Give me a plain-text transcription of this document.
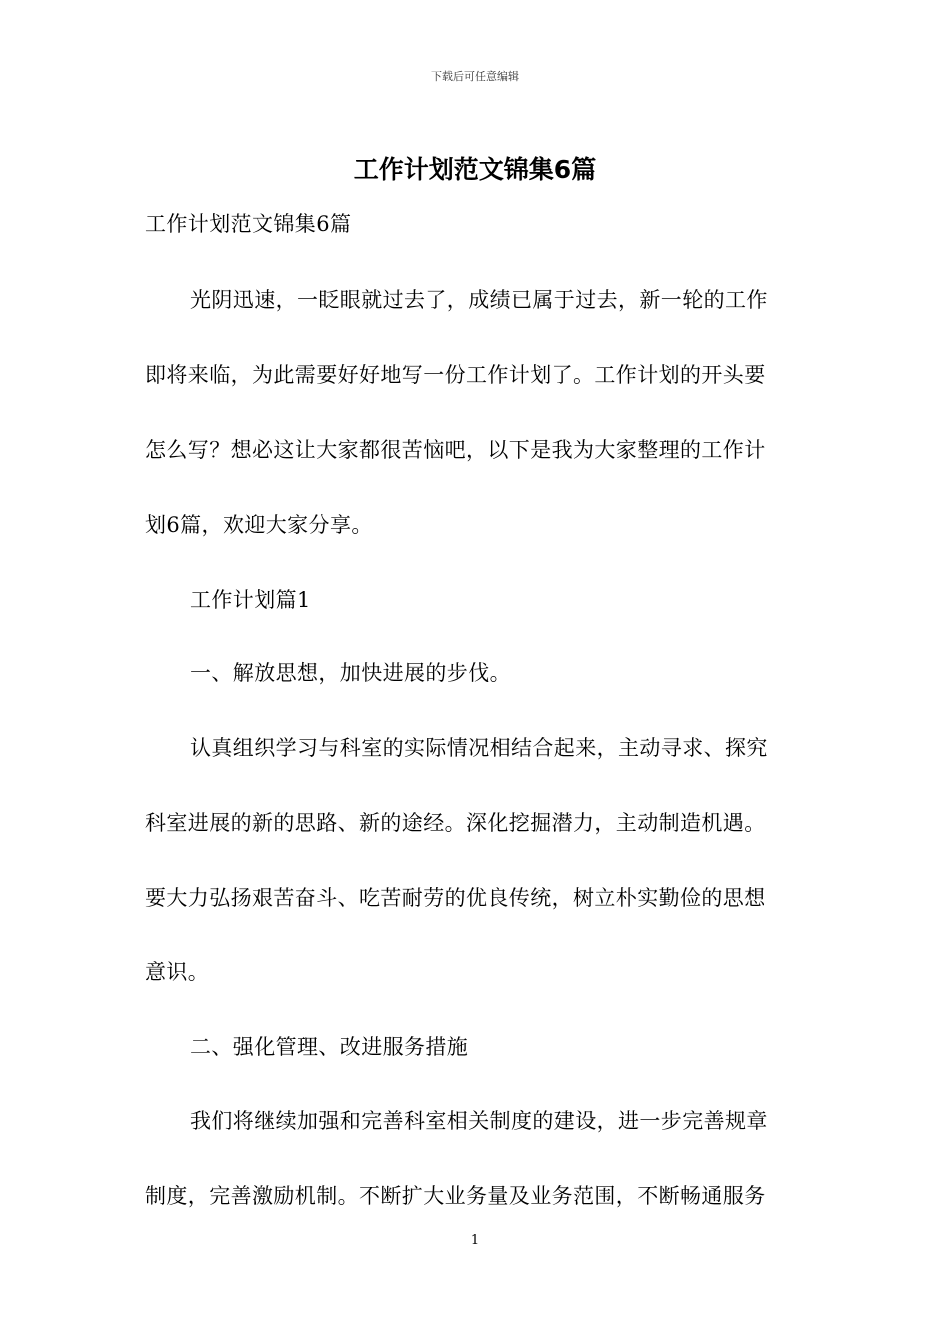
下载后可任意编辑
工作计划范文锦集6篇
工作计划范文锦集6篇
光阴迅速，一眨眼就过去了，成绩已属于过去，新一轮的工作
即将来临，为此需要好好地写一份工作计划了。工作计划的开头要
怎么写？想必这让大家都很苦恼吧，以下是我为大家整理的工作计
划6篇，欢迎大家分享。
工作计划篇1
一、解放思想，加快进展的步伐。
认真组织学习与科室的实际情况相结合起来，主动寻求、探究
科室进展的新的思路、新的途经。深化挖掘潜力，主动制造机遇。
要大力弘扬艰苦奋斗、吃苦耐劳的优良传统，树立朴实勤俭的思想
意识。
二、强化管理、改进服务措施
我们将继续加强和完善科室相关制度的建设，进一步完善规章
制度，完善激励机制。不断扩大业务量及业务范围，不断畅通服务
1
